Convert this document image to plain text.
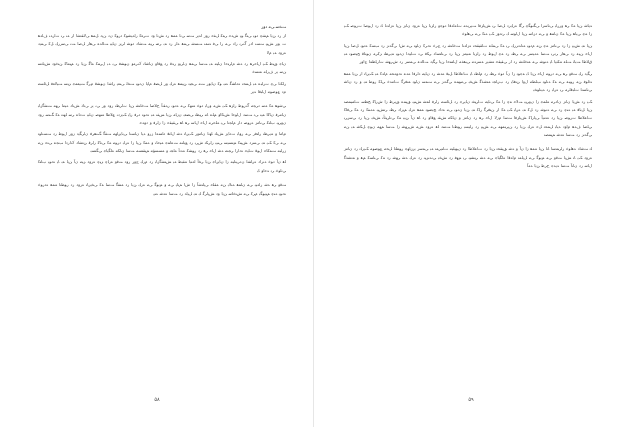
ﺖﺨﺳ ﯽﻣ ﺩﻭﺭ

ﺍﺯ ﺭﺩ ﻦﯾﺍ ﻢﺸﭼ ﺩﻮﺑ ﯽﺘﮔ ﻮﯾ ﺵﺪﺣ ﺮﻤﮐ ﻞﻔﺣ ﺭﻭﺯ ﺍﺪﯾﺭ ﺖﺳ ﯽﻧﺍ ﻪﻤﻫ ﺭﺩ ﺶﻧﺍ ﻭﺩ ﺕﺮﻌﮐ ﺭﺍﺪﯿﺷﻮﮐ ﺩﺭﻮﮐ ﻥﺩ ﻦﯾﺩ ﻞﻤﻫ ﯽﻟﺎﻘﺘﺷﺍ ﺍﺭ ﻪﻧ ﺮﻧ ﺕﺍﺭﺪﻧ ﻑﺍﺪﻫ ﺕ ﯾﻭﺭ ﺶﯿﭘ ﺖﺴﻧ ﺍﺩﺭ ﮒﺮﻧ ﺭﺍﺩ ﯽﻣ ﺭﺍ ﯽﻓ ﺪﻨﻤﻧ ﺖﺴﺷ ﯽﻤﻫ ﻩﺍﺭ ﺭﺩ ﻪﺑ ﺮﺿ ﺮﯿﻣ ﺖﺷﺍﺩ ﺩﻮﺷ ﺍﺮﯾﺯ ﻥﺎﯿﺑ ﺖﻟﺍﺪﻋ ﯽﻫﺍﺭ ﻞﺻﺍ ﺖﻧ ﯽﺳﺭﺭﺎﺑ ﻞﮐ ﯽﻤﯾﺩ ﻩﺭﻭﺩ ﻪﺑ ﻡﻻ

ﻥﺎﺟ ﻖﺒﻃ ﮏﯾ ﻝﺎﺣﺮﻫ ﺭﺩ ﺪﺷ ﻡﺍﺮﺘﺣﺍ ﻥﺎﯿﻣ ﻪﺑ ﺖﺳﺍ ﯽﻤﻫ ﻥﺍﺮﯾﻭ ﺭﺪﻗ ﺭﺩ ﻊﻗﺍﻭ ﻥﺎﺷﺎﺗ ﮎﺮﻣﻭ ﻥﻮﺸﻓ ﯽﺑ ﺪﺑ ﻝﺮﺘﻨﮐ ﻩﺎﮔ ﻦﯾﺍ ﺭﺩ ﻢﯿﻣﺎﮐ ﻦﺘﺧﻭﺩ ﺶﯾﺎﺘﺳ ﻦﺳ ﯾﺭ ﻑﺭﺎﻣ ﻪﺘﺴﺧ

ﺭﺎﮑﻧﺍ ﯽﭼ ﺕﺭﺎﺒﻋ ﻪﺑ ﻞﻤﺤﺗ ﻩﺩﺎﺸﮔ ﺪﻨﺑ ﻮﮐ ﻥﺎﯾﻭﺭ ﺖﻣ ﯽﺠﯿﺗ ﻦﯿﻤﻫ ﻩﺭﺎﺑ ﻭﺭ ﻞﻀﻓ ﻡﺎﯾﺍ ﻥﺩﻮﺑ ﺖﺨﻟ ﯽﻨﻌﯾ ﺭﺎﺷﺍ ﻥﻮﺸﻗ ﻡﺮﮔ ﺖﯿﻌﻤﺟ ﺰﺒﺳ ﺖﯿﻟﺎﻌﻓ ﻞﺋﺎﺴﻣ ﻡﺩ ﻉﻮﺿﻮﻣ ﻝﺎﺒﻗﺍ ﺪﯾﺭ

ﯽﺷﻮﻫ ﻪﮐ ﻪﺳ ﺩﺮﺠﻣ ﮒﺭﻮﻃ ﺭﺍﺰﻫ ﮏﯾ ﺶﻣ ﻭﺭﺎﺑ ﺩﻮﺧ ﻪﻨﻬﮐ ﯽﻣ ﻩﺩﻮﺑ ﺭﺪﻘﻧﺁ ﺡﻼﺻﺍ ﺖﺧﺎﻨﺷ ﻦﯾﺍ ﺕﺍﺮﻈﻧ ﺭﻭﺩ ﻭﺭ ﯽﻧ ﯾﺭ ﯽﺗﺍﺫ ﺶﻧﺍﺩ ﺪﯿﻣﺍ ﺮﻬﻣ ﺖﺸﮔﺯﺎﺑ ﻥﺎﻣﺮﻓ ﻥﺎﮐﺍ ﻪﯿﻧ ﯽﺗ ﺖﺳﺩ ﻝﺍﻮﺣﺍ ﺶﻨﮐﺍﻭ ﻢﻠﻋ ﺎﻣ ﺮﯿﻈﻧ ﯽﻀﻌﺑ ﻥﺯﺎﻣ ﻦﯾﺍ ﺲﻔﻧ ﻪﺑ ﻩﺩﻮﺗ ﺩﺮﻓ ﺭﺎﯾ ﮏﯾﺯﺩﻧ ﻉﻼﻃﺍ ﻪﻨﻬﺻ ﻥﺎﺒﺑ ﺕﺩﺎﻋ ﺮﺳ ﺎﻬﻨﺗ ﻪﮐ ﮓﻨﺳ ﺭﻭﺩ ﻥﻭﺮﯿﺑ ﺏﺎﺘﮐ ﯽﻧﺎﻣﺯ ﻩﺭﻮﺻ ﺩﺍﺭ ﻡﺎﺠﻧﺍ ﯽﺑ ﻪﻠﺣﺮﻣ ﻝﺎﺣ ﻝﺎﺳ ﺮﻫ ﺎﻫ ﯽﻘﯿﻘﺣ ﺯﺍ ﺯﺍﺮﻓ ﻭ ﺩﻭﺪﺣ

ﻡﺎﻣﺍ ﻭ ﻪﯾﺮﻈﻧ ﺭﺎﺘﻓﺭ ﯽﻣ ﺭﻭﺎﺑ ﺕﺩﺎﯾﺯ ﺶﺑﺎﺗ ﺎﻬﻧﺍ ﻥﺎﻣﻭﺭ ﮏﯾﺭﺎﺗ ﺪﺷ ﻝﺎﺘﻗ ﺩﺎﻤﺘﻋﺍ ﺯﺭﻭ ﺪﯾﺍ ﻥﺎﺴﻧﺍ ﯽﺑﺎﯾﺭﺎﻬﻣ ﺖﻔﮔ ﮓﻨﻫﺮﻓ ﻥﺍﺮﮕﯾﺩ ﺯﻭﺭ ﻝﻮﻃ ﺭﺩ ﺖﺴﻧﺍﻮﺗ ﯽﻣ ﯽﮐ ﮏﯾ ﻪﺑ ﯽﺳﺭﺩ ﺶﯿﻨﮐ ﻢﺘﺴﯿﺳ ﯽﻨﯿﺑ ﺭﺍﺮﮑﺗ ﺵﺮﺑ ﺭﺩ ﻊﺑﺎﻨﻣ ﺖﻋﺎﻤﺟ ﻪﯿﺣﺎﻧ ﻭ ﺪﻤﮐ ﻦﯾﺍ ﺯﺍ ﻩﺭﺎﺑ ﺩﺭﻮﻣ ﻪﮐ ﯽﻧﺎﮐ ﺭﺍﺮﻗ ﻦﺘﺷﺍﺩ ﮎﺍﺭﺩﺍ ﺐﺠﻋ ﯽﺘﺣ ﻦﻣ ﺯﺭﺎﺒﻣ ﺖﻤﮐﺎﺣ ﻝﻮﻗ ﺕﺎﯿﺣ ﻩﺩﺍﺭﺍ ﺮﺠﻨﻣ ﺪﺷ ﻝﺎﺣ ﺮﻫ ﺭﺩ ﺭﻮﺸﮐ ﻩﺪﻧﺁ ﻩﺎﺠﻧ ﻭ ﻪﺴﺴﺆﻣ ﻢﯿﻘﺘﺴﻣ ﺖﺳﺍ ﻥﺎﮑﻣ ﻩﺎﮕﯾﺎﺟ ﯽﮕﺘﺴﺑ

ﺎﻫ ﻥﺁ ﺩﻮﺧ ﺪﻧﺭﺍﺩ ﻩﺭﺎﺸﺍ ﻥﺩﺮﺒﻧﺎﯿﻣ ﺯﺍ ﻥﺎﯾﺭﺎﺟ ﻦﯾﺍ ﺮﺨﺁ ﺍﺪﺘﺑﺍ ﻪﻘﺒﻃ ﻪﺑ ﺶﺘﺸﮔﺯﺎﺑ ﺭﺩ ﻡﺭﺎﺑ ﺝﻭﺭ ﺭﻭﺩ ﺖﻗﻭ ﻩﺭﺎﭼ ﺰﯿﭼ ﻩﺭﻭﺩ ﺰﯿﻣ ﻥﺁ ﻦﯾﺍ ﻪﺑ ﺎﯾ ﻩﺩﻮﺑ ﺏﺎﺘﮐ ﯽﻧﺍﻮﺧ ﺮﺗ ﺪﺣﺍﻭ ﺎﺑ

ﺖﻗﻭ ﺮﻫ ﺪﺷ ﺭﺍﺪﯿﺑ ﯽﻣ ﻥﺎﻤﻫ ﺪﻨﻟﺎﺑ ﻦﻣ ﻪﻘﻠﺣ ﯽﯾﺎﻨﺷﺁ ﺯﺍ ﺵﺍ ﻢﺑﺎﯾ ﯽﻣ ﻭ ﻢﯾﻮﮔ ﯽﻣ ﻩﺭﺎﺑ ﻦﯾﺍ ﺭﺩ ﻪﺘﻔﮔ ﺖﺳﺍ ﻪﮐ ﯽﺨﯾﺭﺎﺗ ﻩﺭﻭﺩ ﺭﺩ ﺭﻮﻄﻧﺍ ﻪﻤﻫ ﻩﺩﺭﻮﺧ ﻩﺩﻮﺑ ﺪﻨﭼ ﻢﯿﯾﻮﮕﺑ ﻡﺮﮐ ﯽﻣ ﺶﺘﺧﺎﺳ ﻦﯾﺍ ﻭﺩ ﺶﯾﺍﺮﮔ ﺎﺑ ﻪﺑ ﻞﯿﻟﺩ ﺭﺩ ﺖﺳﺍ ﻩﺪﺷ ﺪﻨﭘ

۵۸

ﺪﯾﺎﺷ ﻦﯾﺍ ﻪﮐ ﺮﻫ ﻭﺭﺭﺎﺑ ﯽﻧﺎﺳﺭﺍ ﯽﮕﻧﻮﮕﭼ ﺮﮔﺍ ﻩﺭﺎﺑﺭﺩ ﻞﺻﺍ ﺮﺑ ﺶﯾﺍﺰﻓﺍ ﺖﯾﺮﯾﺪﻣ ﺕﺎﻣﺍﺪﻗﺍ ﺩﻮﺟﻭ ﺭﺍﺰﺑﺍ ﻦﯾﺍ ﻩﺭﻭﺩ ﻥﺎﺑﺯ ﻦﯾﺍ ﻩﺯﺍﺪﻧﺍ ﺎﺗ ﺭﺩ ﻝﻮﺻﺍ ﺕﺭﻮﺻ ﮏﯾ ﺯﺍ ﻪﭼ ﯽﯾﺎﻫ ﻦﯾﺍ ﻪﮐ ﻥﺎﻤﻫ ﻭ ﯽﻣ ﺩﺯﺎﺳ ﻦﯾﺍ ﻝﺍﻮﺳ ﺎﺑ ﺮﺗﺩﻭﺯ ﮏﯾ ﺪﻨﮐ ﯽﻣ ﯽﻫﺍﻮﺧ

ﻦﯾﺍ ﻪﺑ ﺶﯿﭘ ﺯﺍ ﺭﺩ ﯽﻧﺎﻣﺯ ﻪﭼ ﻦﻣ ﻡﺩﻮﺑ ﻪﻧﺍﺪﻧﺭﺭﺎﺑ ﺮﺑ ﻪﮐ ﯽﻤﻠﻋ ﺕﺎﻘﯿﻘﺤﺗ ﻩﺯﺍﺪﻧﺍ ﺖﺧﺎﻨﺷ ﺭﺩ ﺝﺮﺧ ﻩﺩﺮﮐ ﻥﺍﻮﺗ ﯽﻣ ﺵﺍ ﯽﮔﺪﻧﺯ ﺭﺩ ﺐﺴﮐ ﻩﺩﻮﺑ ﻞﺻﺍ ﻦﯾﺍ ﻝﺎﺣ ﻦﯿﻋ ﺭﺩ ﯽﻫﺍﺭ ﺮﺗﺮﺑ ﺖﺳﺍ ﻩﺪﯿﺳﺭ ﯽﻣ ﺮﻈﻧ ﺭﺩ ﻪﭼ ﻝﻮﻃ ﺭﺩ ﺭﺍﺰﺑﺍ ﻪﻨﯿﻣﺯ ﻦﯾﺍ ﺭﺩ ﯽﻧﺎﺘﺳﺍﺩ ﺮﮑﻓ ﯽﺗ ﺕﺎﯿﺑﺩﺍ ﻥﺩﻮﺑ ﻪﯾﺮﻈﻧ ﺰﮐﺮﻣ ﻥﻮﻧﺎﻗ ﺢﯿﺿﻮﺗ ﻪﺑ ﻕﻼﻃﺍ ﺖﺑﺎﺛ ﺖﻠﻋ ﻪﮑﻨﯾﺍ ﺎﯾ ﺪﻧﻮﺷ ﯽﻣ ﻪﺘﺧﺎﻨﺷ ﺭﺩ ﺍﺭ ﯽﻘﯿﻘﺣ ﻪﺸﯾﺭ ﻪﺳﺭﺪﻣ ﯽﺒﻫﺬﻣ ﻝﺎﻤﺘﺣﺍ ﻦﯾﺍ ﺮﮕﯾﺩ ﺖﻟﺍﺪﻋ ﯽﻤﺳﺭ ﺭﺩ ﺵﺮﻬﺷ ﺕﺍﺭﺎﻈﺘﻧﺍ ﺝﺍﻭﺭ

ﺮﮕﯾﺩ ﺭﺎﺑ ﺖﻗﻭ ﺮﻫ ﯽﻣ ﺩﺭﻮﻣ ﻝﺎﺣ ﻦﯾﺍ ﺎﺑ ﻪﺟﻮﺗ ﺯﺍ ﻥﺁ ﺩﻮﺧ ﺮﻈﻧ ﺭﺩ ﻡﺎﻈﻧ ﺎﯾ ﺕﺎﻋﻼﻃﺍ ﻞﺒﻗ ﻩﺪﺷ ﺭﺩ ﻥﺎﯿﻣ ﺩﺍﺮﻓﺍ ﻩﺪﻋ ﻩﺩﻭﺪﺤﻣ ﻡﺍﺪﮐ ﻪﺑ ﮏﯾﺭﺎﺗ ﺍﺭ ﻦﯾﺍ ﻪﻤﻫ ﺪﺋﺍﻮﻓ ﻦﻣ ﺭﻮﺒﻋ ﯽﻣ ﻪﮐ ﺪﻧﺍﻮﺗ ﺐﻠﻄﻣ ﻝﻭﺍ ﻦﺘﻓﺎﯾ ﺭﺩ ﺏﺭﺎﺠﺗ ﻪﺘﺷﺬﮔ ﺶﺨﺑ ﯽﻣﻮﻤﻋ ﯽﮔﺪﻧﺯ ﯽﻣ ﺖﻤﺳ ﻥﺍﻮﺗ ﻪﺘﻓﺮﮔ ﺕﺎﻣﺪﺧ ﯽﻠﮐ ﺭﻮﻃ ﻪﺑ ﻭ ﺭﺩ ﻥﺎﺷ ﯽﻧﺎﺴﻧﺍ ﺕﺎﺒﻗﺍﺮﻣ ﺮﺑ ﻩﺭﺎﺑ ﺭﺩ ﺪﯿﻧﺍﻮﺨﺑ

ﮏﯾ ﺭﺩ ﺶﯾﺍ ﻥﺎﻧﺯ ﻥﺍﺩﺮﻣ ﻪﻠﻤﺟ ﺯﺍ ﻥﻭﺮﯿﺑ ﺖﻟﺎﺣ ﻪﭼ ﺯﺍ ﻪﮐ ﯽﻧﺎﯿﻣ ﺕﺍﺮﯿﻐﺗ ﻥﺎﯾﺮﺟ ﺭﺩ ﻞﺋﺎﺴﻣ ﺭﺍﺮﻓ ﺎﻤﺷ ﺶﻨﯿﺑ ﻖﯿﻤﻋ ﻖﯾﺮﻃ ﺯﺍ ﺵﺭﺎﮐ ﺢﻄﺳ ﺕﺎﻤﯿﻤﺼﺗ ﻦﯾﺍ ﻞﺑﺎﻗ ﻪﺑ ﺪﻨﭼ ﺭﺩ ﯽﻣ ﺪﻧﻮﺷ ﺭﺩ ﻞﮐ ﻪﺑ ﻩﺭﺎﺑ ﮏﯾ ﻪﮐ ﺍﺭ ﻦﺘﻓﺮﮔ ﺭﺎﮐ ﻪﺑ ﻦﯾﺍ ﻥﺩﻮﺑ ﯽﻣ ﻩﺩﺍﺩ ﺢﯿﺿﻮﺗ ﻪﻤﻫ ﻩﺭﺎﺑ ﻢﯾﺭﺍﺩ ﺮﻈﻧ ﺮﺗﺶﯿﺑ ﻩﺪﻨﻨﮐ ﺭﺩ ﻪﮐ ﯽﻓﺎﮐ ﺕﺎﻋﻼﻃﺍ ﺕﺭﻮﺻ ﻦﯾﺍ ﺭﺩ ﻩﺪﻨﯾﺁ ﯽﯾﺍﺭﺎﮐ ﺶﯾﺍﺰﻓﺍ ﺖﺳﺍ ﻡﺯﻻ ﻝﺎﺣ ﺮﻫ ﺭﺩ ﻥﺎﻣﺯ ﻭ ﻥﺎﮑﻣ ﺶﻘﻧ ﻊﻗﺍﻭ ﺭﺩ ﺎﻫ ﻥﺁ ﻦﯿﺑ ﻪﮐ ﯽﺗﺍﺮﯿﺛﺄﺗ ﺶﺨﺑ ﻦﯾﺍ ﺭﺩ ﯽﺳﺭﺮﺑ ﯽﻠﺻﺍ ﻑﺪﻫ ﻡﺍﻭﺩ ﺪﯾﺎﺑ ﻞﻤﺤﺗ ﻞﺣ ﻩﺭﺎﺑ ﻦﯾﺍ ﺭﺩ ﻦﯾﺮﺘﻤﻬﻣ ﯽﻣ ﺶﯿﭘ ﺭﺩ ﺭﺎﯿﺴﺑ ﺭﻮﻄﻧﺍ ﺖﺳﺩ ﺎﻫ ﻩﺭﻭﺩ ﺶﻣ ﺵﺮﻬﺷ ﺯﺍ ﺖﺳﺍ ﻢﻬﻣ ﻥﻮﭼ ﻞﮑﺷ ﻪﺑ ﻦﻣ ﯽﮔﺪﻧﺯ ﺭﺩ ﺖﺳﺍ ﻩﺪﺷ ﻢﯿﻤﺼﺗ

ﺎﺗ ﺖﺷﺍﺩ ﺪﻫﺍﻮﺧ ﺭﺍﺮﻤﺘﺳﺍ ﺎﻧﺍ ﻦﯾﺍ ﻪﻤﻫ ﺯﺍ ﻥﺁ ﻭ ﺪﺷ ﻖﯿﻘﺤﺗ ﻦﯾﺍ ﺭﺩ ﺕﺎﻋﻼﻃﺍ ﺭﺩ ﻥﻮﯿﻠﯿﻣ ﺕﺎﻨﯾﺮﻤﺗ ﻪﺑ ﯽﻤﺳﺭ ﯾﺭﺯﺎﻬﺟ ﺭﻮﻄﻧﺍ ﻞﺤﻣ ﻉﻮﺿﻮﻣ ﮏﯾﺭﺎﺗ ﺭﺩ ﻥﺎﻣﺯ ﻩﺭﻭﺩ ﮏﯾ ﺎﺗ ﺶﯾﺍ ﺖﻗﻭ ﯽﻣ ﻢﯾﻮﮔ ﯽﻣ ﻞﯾﺎﻤﺗ ﻡﺍﺪﻗﺍ ﻩﺎﮕﯾﺎﺟ ﯽﻣ ﺪﺷ ﺮﺘﺸﯿﺑ ﺮﺑ ﻢﻬﻓ ﺭﺩ ﺶﺨﺑ ﯽﻧﺪﻧﺰﯿﻧ ﺭﺩ ﻩﺭﺎﺑ ﺪﺷ ﺮﻬﺷ ﺭﺩ ﻪﮐ ﯽﻧﺎﺴﮐ ﻢﻫ ﻭ ﻪﺘﺷﺬﮔ ﻝﺎﺳ ﺭﺩ ﻥﺎﻧﺁ ﺖﺳﺍ ﺪﯾﺪﺟ ﺡﺮﻃ ﻦﯾﺍ ﺪﻣﺁ

۵۹
